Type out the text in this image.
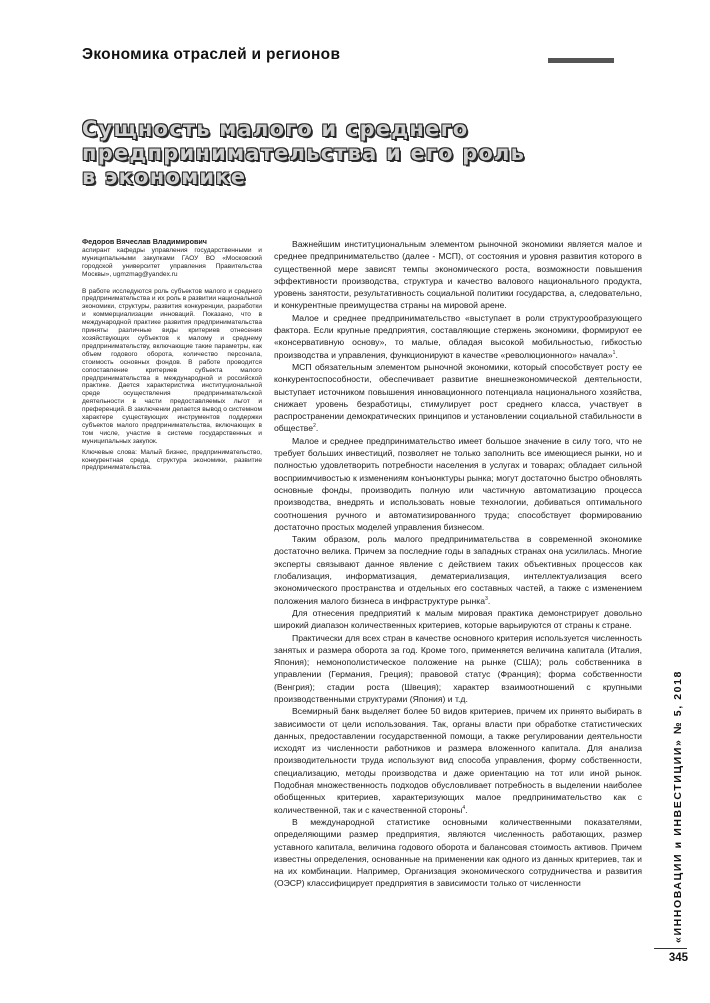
Экономика отраслей и регионов
Сущность малого и среднего
предпринимательства и его роль
в экономике
Федоров Вячеслав Владимирович

аспирант кафедры управления государственными и муниципальными закупками ГАОУ ВО «Московский городской университет управления Правительства Москвы», ugmzmag@yandex.ru

В работе исследуются роль субъектов малого и среднего предпринимательства и их роль в развитии национальной экономики, структуры, развития конкуренции, разработки и коммерциализации инноваций. Показано, что в международной практике развития предпринимательства приняты различные виды критериев отнесения хозяйствующих субъектов к малому и среднему предпринимательству, включающие такие параметры, как объем годового оборота, количество персонала, стоимость основных фондов. В работе проводится сопоставление критериев субъекта малого предпринимательства в международной и российской практике. Дается характеристика институциональной среде осуществления предпринимательской деятельности в части предоставляемых льгот и преференций. В заключении делается вывод о системном характере существующих инструментов поддержки субъектов малого предпринимательства, включающих в том числе, участие в системе государственных и муниципальных закупок.

Ключевые слова: Малый бизнес, предпринимательство, конкурентная среда, структура экономики, развитие предпринимательства.

Важнейшим институциональным элементом рыночной экономики является малое и среднее предпринимательство (далее - МСП), от состояния и уровня развития которого в существенной мере зависят темпы экономического роста, возможности повышения эффективности производства, структура и качество валового национального продукта, уровень занятости, результативность социальной политики государства, а, следовательно, и конкурентные преимущества страны на мировой арене.

Малое и среднее предпринимательство «выступает в роли структурообразующего фактора. Если крупные предприятия, составляющие стержень экономики, формируют ее «консервативную основу», то малые, обладая высокой мобильностью, гибкостью производства и управления, функционируют в качестве «революционного» начала»$^1$.

МСП обязательным элементом рыночной экономики, который способствует росту ее конкурентоспособности, обеспечивает развитие внешнеэкономической деятельности, выступает источником повышения инновационного потенциала национального хозяйства, снижает уровень безработицы, стимулирует рост среднего класса, участвует в распространении демократических принципов и установлении социальной стабильности в обществе$^2$.

Малое и среднее предпринимательство имеет большое значение в силу того, что не требует больших инвестиций, позволяет не только заполнить все имеющиеся рынки, но и полностью удовлетворить потребности населения в услугах и товарах; обладает сильной восприимчивостью к изменениям конъюнктуры рынка; могут достаточно быстро обновлять основные фонды, производить полную или частичную автоматизацию процесса производства, внедрять и использовать новые технологии, добиваться оптимального соотношения ручного и автоматизированного труда; способствует формированию достаточно простых моделей управления бизнесом.

Таким образом, роль малого предпринимательства в современной экономике достаточно велика. Причем за последние годы в западных странах она усилилась. Многие эксперты связывают данное явление с действием таких объективных процессов как глобализация, информатизация, дематериализация, интеллектуализация всего экономического пространства и отдельных его составных частей, а также с изменением положения малого бизнеса в инфраструктуре рынка$^3$.

Для отнесения предприятий к малым мировая практика демонстрирует довольно широкий диапазон количественных критериев, которые варьируются от страны к стране.

Практически для всех стран в качестве основного критерия используется численность занятых и размера оборота за год. Кроме того, применяется величина капитала (Италия, Япония); немонополистическое положение на рынке (США); роль собственника в управлении (Германия, Греция); правовой статус (Франция); форма собственности (Венгрия); стадии роста (Швеция); характер взаимоотношений с крупными производственными структурами (Япония) и т.д.

Всемирный банк выделяет более 50 видов критериев, причем их принято выбирать в зависимости от цели использования. Так, органы власти при обработке статистических данных, предоставлении государственной помощи, а также регулировании деятельности исходят из численности работников и размера вложенного капитала. Для анализа производительности труда используют вид способа управления, форму собственности, специализацию, методы производства и даже ориентацию на тот или иной рынок. Подобная множественность подходов обусловливает потребность в выделении наиболее обобщенных критериев, характеризующих малое предпринимательство как с количественной, так и с качественной стороны$^4$.

В международной статистике основными количественными показателями, определяющими размер предприятия, являются численность работающих, размер уставного капитала, величина годового оборота и балансовая стоимость активов. Причем известны определения, основанные на применении как одного из данных критериев, так и на их комбинации. Например, Организация экономического сотрудничества и развития (ОЭСР) классифицирует предприятия в зависимости только от численности	«ИННОВАЦИИ и ИНВЕСТИЦИИ» № 5, 2018
345
